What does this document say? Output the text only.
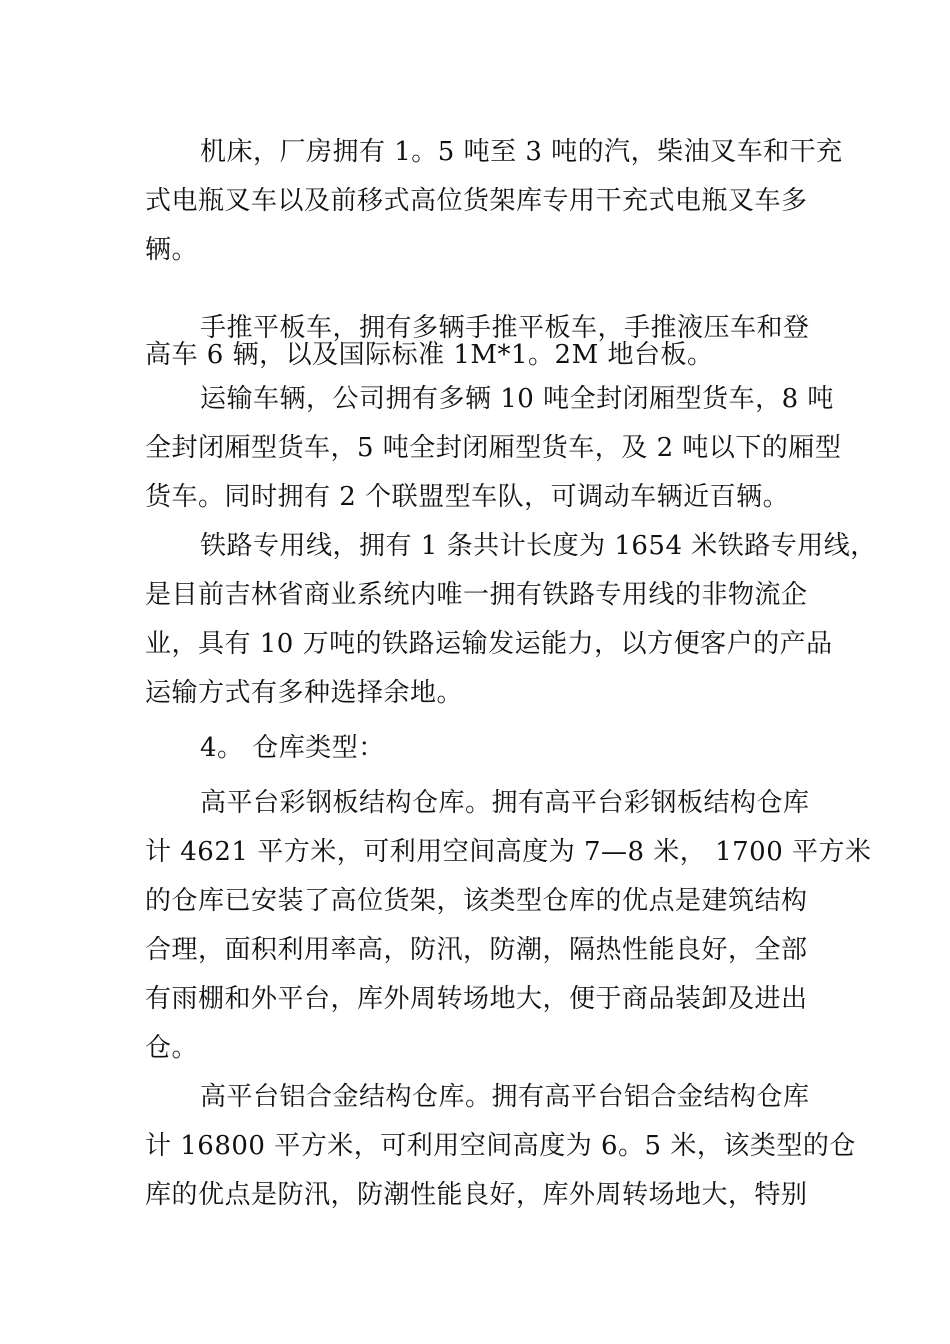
机床，厂房拥有 1。5 吨至 3 吨的汽，柴油叉车和干充
式电瓶叉车以及前移式高位货架库专用干充式电瓶叉车多
辆。
手推平板车，拥有多辆手推平板车，手推液压车和登
高车 6 辆，以及国际标准 1M*1。2M 地台板。
运输车辆，公司拥有多辆 10 吨全封闭厢型货车，8 吨
全封闭厢型货车，5 吨全封闭厢型货车，及 2 吨以下的厢型
货车。同时拥有 2 个联盟型车队，可调动车辆近百辆。
铁路专用线，拥有 1 条共计长度为 1654 米铁路专用线，
是目前吉林省商业系统内唯一拥有铁路专用线的非物流企
业，具有 10 万吨的铁路运输发运能力，以方便客户的产品
运输方式有多种选择余地。
4。 仓库类型：
高平台彩钢板结构仓库。拥有高平台彩钢板结构仓库
计 4621 平方米，可利用空间高度为 7—8 米， 1700 平方米
的仓库已安装了高位货架，该类型仓库的优点是建筑结构
合理，面积利用率高，防汛，防潮，隔热性能良好，全部
有雨棚和外平台，库外周转场地大，便于商品装卸及进出
仓。
高平台铝合金结构仓库。拥有高平台铝合金结构仓库
计 16800 平方米，可利用空间高度为 6。5 米，该类型的仓
库的优点是防汛，防潮性能良好，库外周转场地大，特别
